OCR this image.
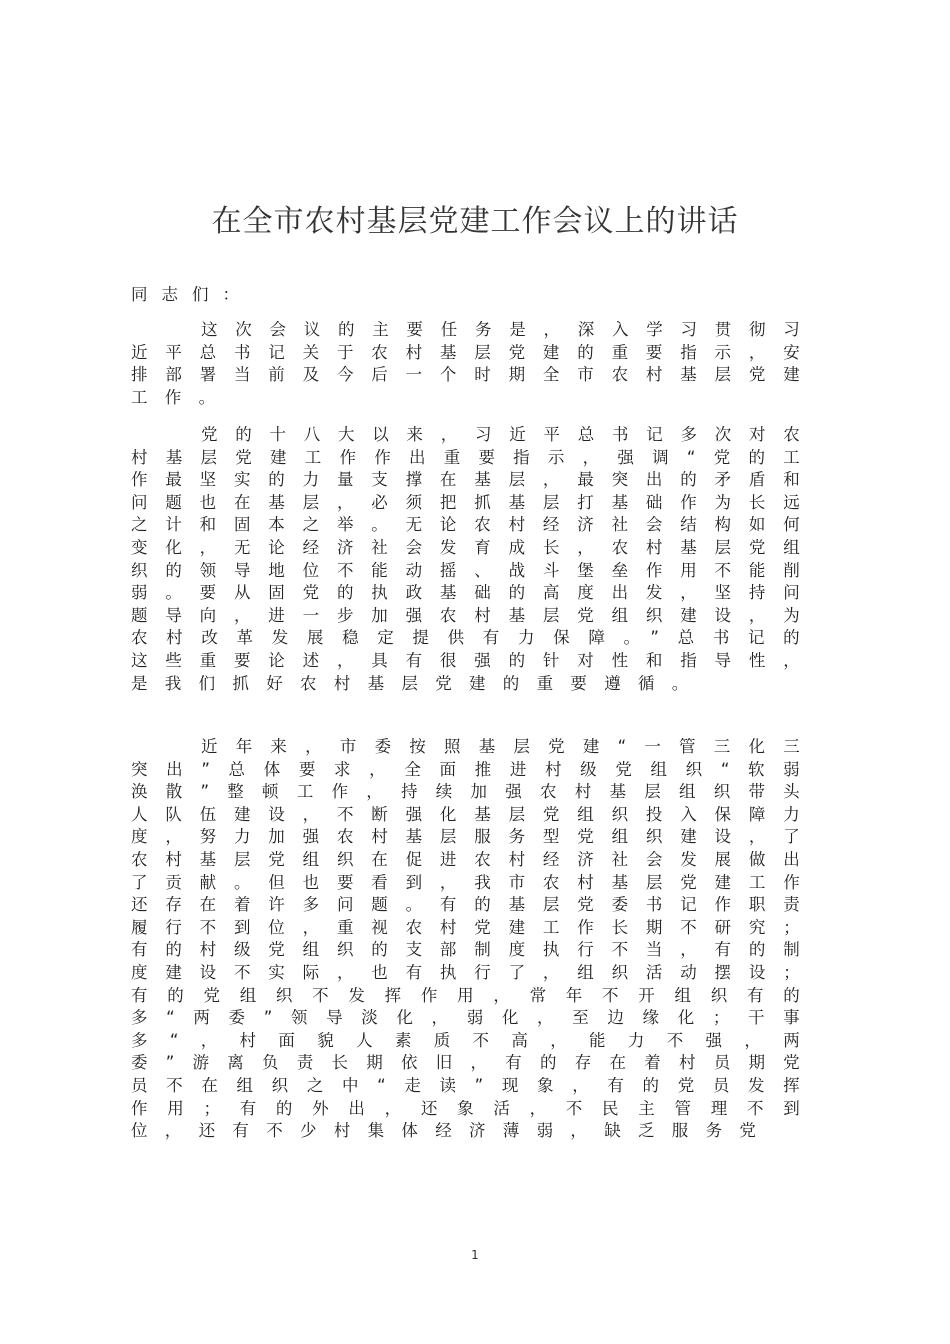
在全市农村基层党建工作会议上的讲话
同志们：

这次会议的主要任务是，深入学习贯彻习近平总书记关于农村基层党建的重要指示，安排部署当前及今后一个时期全市农村基层党建工作。

党的十八大以来，习近平总书记多次对农村基层党建工作作出重要指示，强调“党的工作最坚实的力量支撑在基层，最突出的矛盾和问题也在基层，必须把抓基层打基础作为长远之计和固本之举。无论农村经济社会结构如何变化，无论经济社会发育成长，农村基层党组织的领导地位不能动摇、战斗堡垒作用不能削弱。要从固党的执政基础的高度出发，坚持问题导向，进一步加强农村基层党组织建设，为农村改革发展稳定提供有力保障。”总书记的这些重要论述，具有很强的针对性和指导性，是我们抓好农村基层党建的重要遵循。

近年来，市委按照基层党建“一管三化三突出”总体要求，全面推进村级党组织“软弱涣散”整顿工作，持续加强农村基层组织带头人队伍建设，不断强化基层党组织投入保障力度，努力加强农村基层服务型党组织建设，了农村基层党组织在促进农村经济社会发展做出了贡献。但也要看到，我市农村基层党建工作还存在着许多问题。有的基层党委书记作职责履行不到位，重视农村党建工作长期不研究；有的村级党组织的支部制度执行不当，有的制度建设不实际，也有执行了，组织活动摆设；有的党组织不发挥作用，常年不开组织有的多“两委”领导淡化，弱化，至边缘化；干事多“，村面貌人素质不高，能力不强，两委”游离负责长期依旧，有的存在着村员期党员不在组织之中“走读”现象，有的党员发挥作用；有的外出，还象活，不民主管理不到位，还有不少村集体经济薄弱，缺乏服务党

1
